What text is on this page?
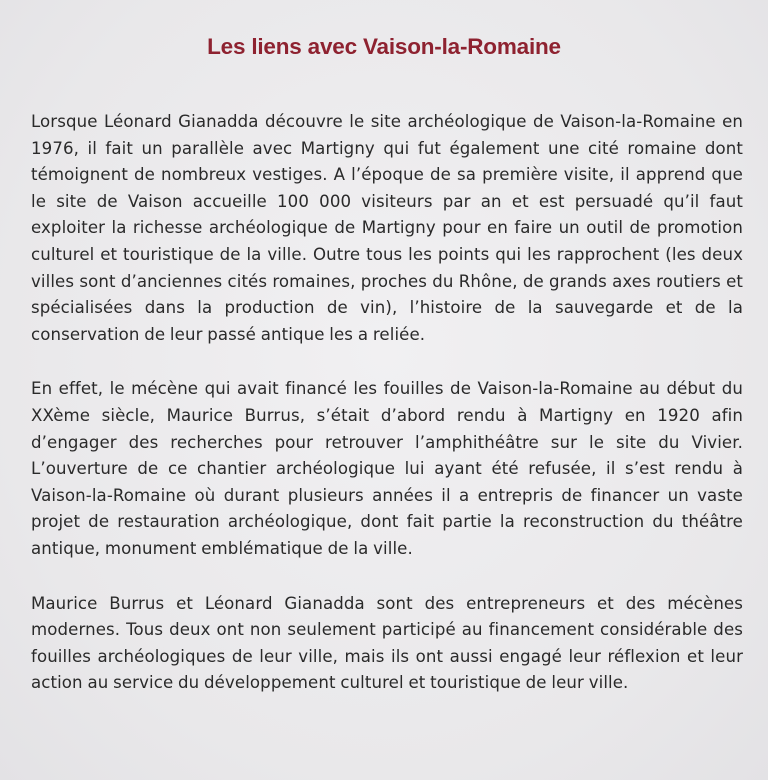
Les liens avec Vaison-la-Romaine

Lorsque Léonard Gianadda découvre le site archéologique de Vaison-la-Romaine en 1976, il fait un parallèle avec Martigny qui fut également une cité romaine dont témoignent de nombreux vestiges. A l’époque de sa première visite, il apprend que le site de Vaison accueille 100 000 visiteurs par an et est persuadé qu’il faut exploiter la richesse archéologique de Martigny pour en faire un outil de promotion culturel et touristique de la ville. Outre tous les points qui les rapprochent (les deux villes sont d’anciennes cités romaines, proches du Rhône, de grands axes routiers et spécialisées dans la production de vin), l’histoire de la sauvegarde et de la conservation de leur passé antique les a reliée.

En effet, le mécène qui avait financé les fouilles de Vaison-la-Romaine au début du XXème siècle, Maurice Burrus, s’était d’abord rendu à Martigny en 1920 afin d’engager des recherches pour retrouver l’amphithéâtre sur le site du Vivier. L’ouverture de ce chantier archéologique lui ayant été refusée, il s’est rendu à Vaison-la-Romaine où durant plusieurs années il a entrepris de financer un vaste projet de restauration archéologique, dont fait partie la reconstruction du théâtre antique, monument emblématique de la ville.

Maurice Burrus et Léonard Gianadda sont des entrepreneurs et des mécènes modernes. Tous deux ont non seulement participé au financement considérable des fouilles archéologiques de leur ville, mais ils ont aussi engagé leur réflexion et leur action au service du développement culturel et touristique de leur ville.
